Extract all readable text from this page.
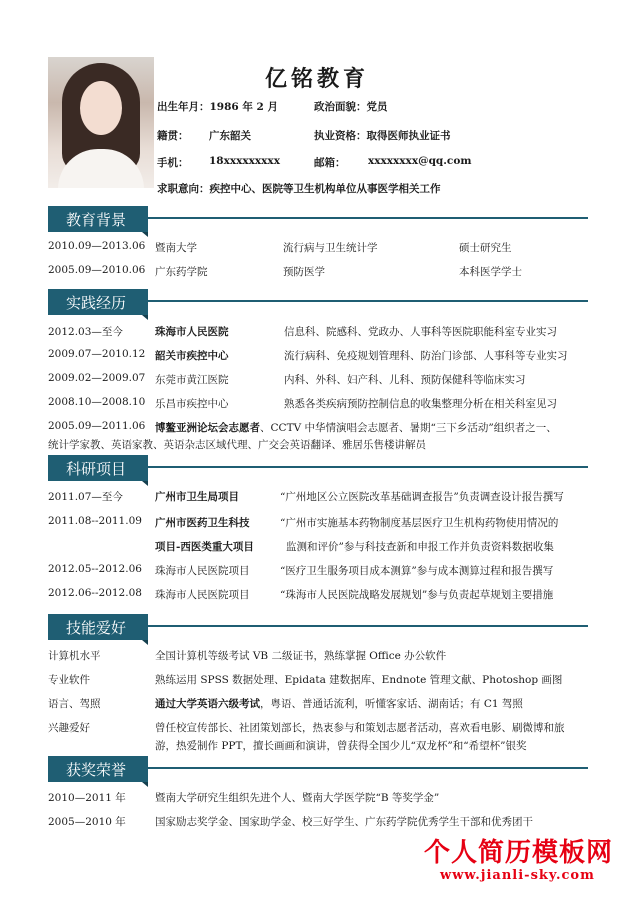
亿铭教育
出生年月：1986 年 2 月	政治面貌：党员
籍贯： 广东韶关	执业资格：取得医师执业证书
手机： 18xxxxxxxxx	邮箱： xxxxxxxx@qq.com
求职意向：疾控中心、医院等卫生机构单位从事医学相关工作
教育背景
2010.09—2013.06 暨南大学	流行病与卫生统计学	硕士研究生
2005.09—2010.06 广东药学院	预防医学	本科医学学士
实践经历
2012.03—至今	珠海市人民医院	信息科、院感科、党政办、人事科等医院职能科室专业实习
2009.07—2010.12 韶关市疾控中心	流行病科、免疫规划管理科、防治门诊部、人事科等专业实习
2009.02—2009.07 东莞市黄江医院	内科、外科、妇产科、儿科、预防保健科等临床实习
2008.10—2008.10 乐昌市疾控中心	熟悉各类疾病预防控制信息的收集整理分析在相关科室见习
2005.09—2011.06 博鳌亚洲论坛会志愿者、CCTV 中华情演唱会志愿者、暑期“三下乡活动”组织者之一、
统计学家教、英语家教、英语杂志区域代理、广交会英语翻译、雅居乐售楼讲解员
科研项目
2011.07—至今	广州市卫生局项目	“广州地区公立医院改革基础调查报告”负责调查设计报告撰写
2011.08--2011.09 广州市医药卫生科技	“广州市实施基本药物制度基层医疗卫生机构药物使用情况的
项目-西医类重大项目	监测和评价”参与科技查新和申报工作并负责资料数据收集
2012.05--2012.06 珠海市人民医院项目	“医疗卫生服务项目成本测算”参与成本测算过程和报告撰写
2012.06--2012.08 珠海市人民医院项目	“珠海市人民医院战略发展规划”参与负责起草规划主要措施
技能爱好
计算机水平	全国计算机等级考试 VB 二级证书，熟练掌握 Office 办公软件
专业软件	熟练运用 SPSS 数据处理、Epidata 建数据库、Endnote 管理文献、Photoshop 画图
语言、驾照	通过大学英语六级考试，粤语、普通话流利，听懂客家话、湖南话；有 C1 驾照
兴趣爱好	曾任校宣传部长、社团策划部长，热衷参与和策划志愿者活动，喜欢看电影、刷微博和旅
游，热爱制作 PPT，擅长画画和演讲，曾获得全国少儿“双龙杯”和“希望杯”银奖
获奖荣誉
2010—2011 年	暨南大学研究生组织先进个人、暨南大学医学院“B 等奖学金”
2005—2010 年	国家励志奖学金、国家助学金、校三好学生、广东药学院优秀学生干部和优秀团干
个人简历模板网
www.jianli-sky.com
